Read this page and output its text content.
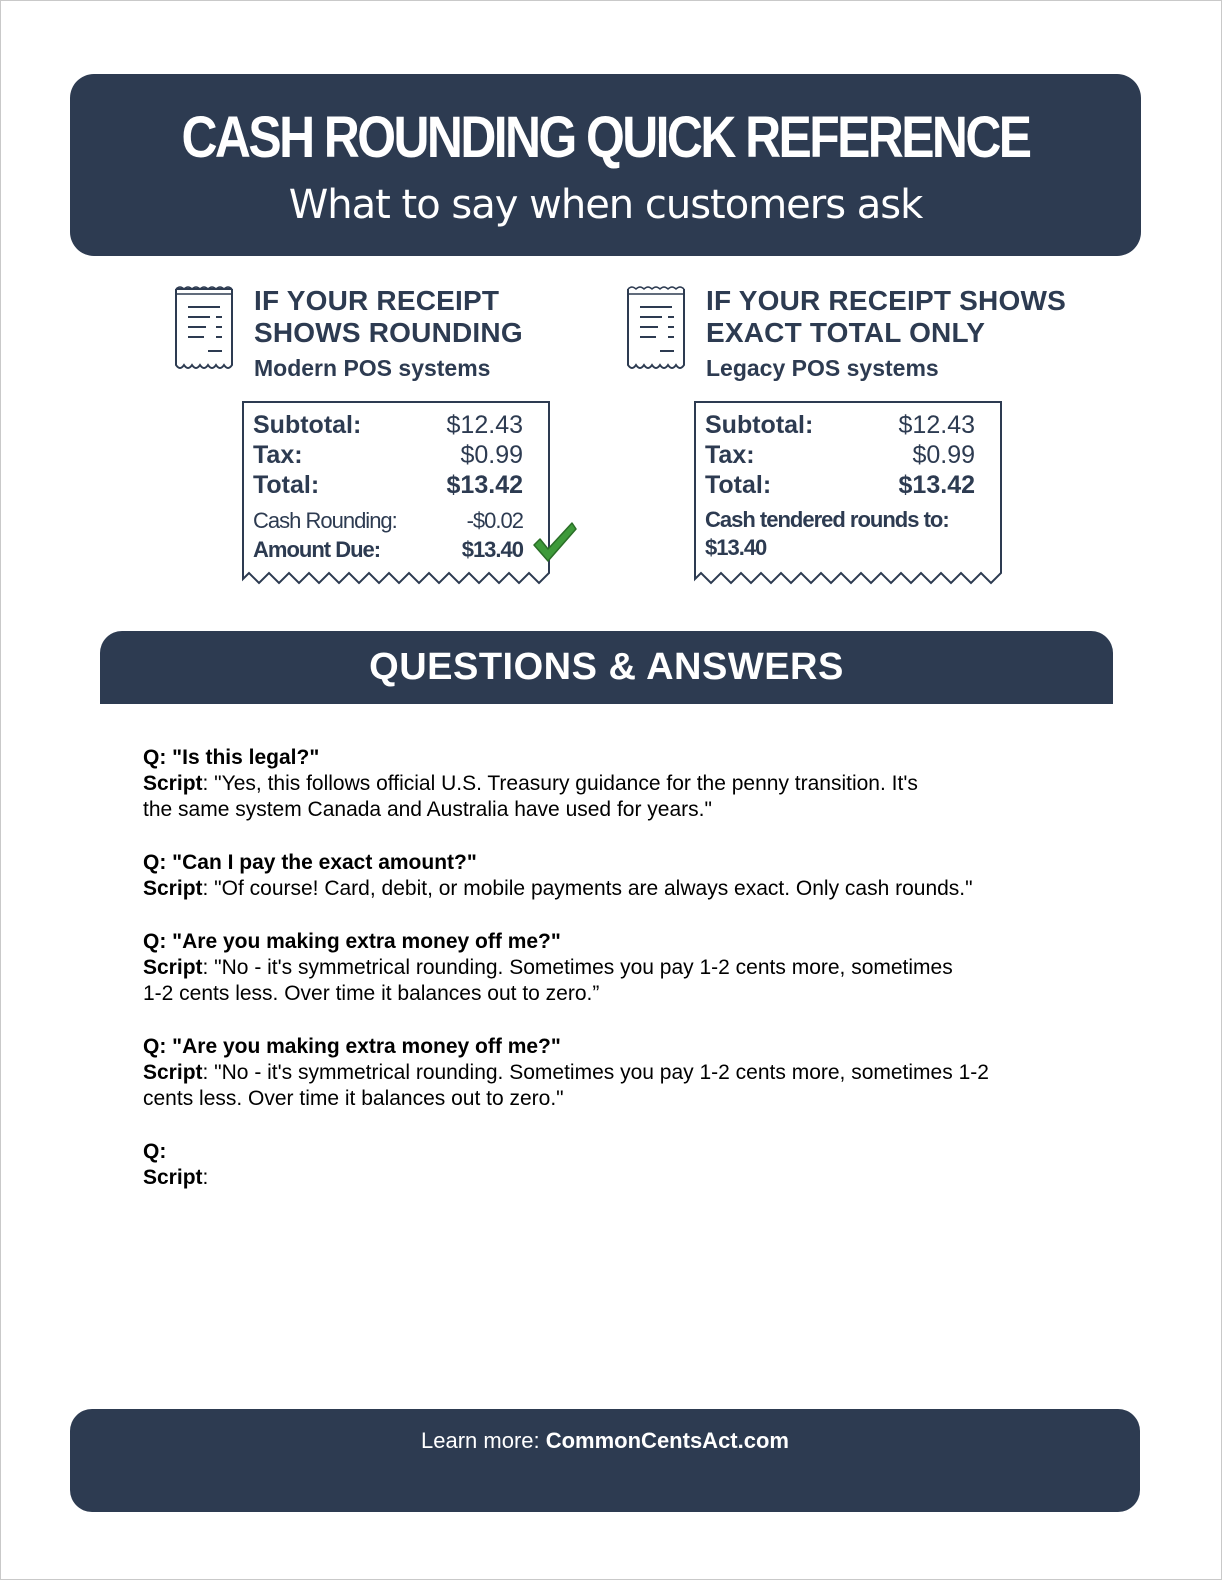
CASH ROUNDING QUICK REFERENCE
What to say when customers ask
IF YOUR RECEIPT
SHOWS ROUNDING
Modern POS systems
Subtotal:	$12.43
Tax:	$0.99
Total:	$13.42
Cash Rounding:	-$0.02
Amount Due:	$13.40
IF YOUR RECEIPT SHOWS
EXACT TOTAL ONLY
Legacy POS systems
Subtotal:	$12.43
Tax:	$0.99
Total:	$13.42
Cash tendered rounds to:
$13.40
QUESTIONS & ANSWERS
Q: "Is this legal?"
Script: "Yes, this follows official U.S. Treasury guidance for the penny transition. It's
the same system Canada and Australia have used for years."
Q: "Can I pay the exact amount?"
Script: "Of course! Card, debit, or mobile payments are always exact. Only cash rounds."
Q: "Are you making extra money off me?"
Script: "No - it's symmetrical rounding. Sometimes you pay 1-2 cents more, sometimes
1-2 cents less. Over time it balances out to zero.”
Q: "Are you making extra money off me?"
Script: "No - it's symmetrical rounding. Sometimes you pay 1-2 cents more, sometimes 1-2
cents less. Over time it balances out to zero."
Q:
Script:
Learn more: CommonCentsAct.com
